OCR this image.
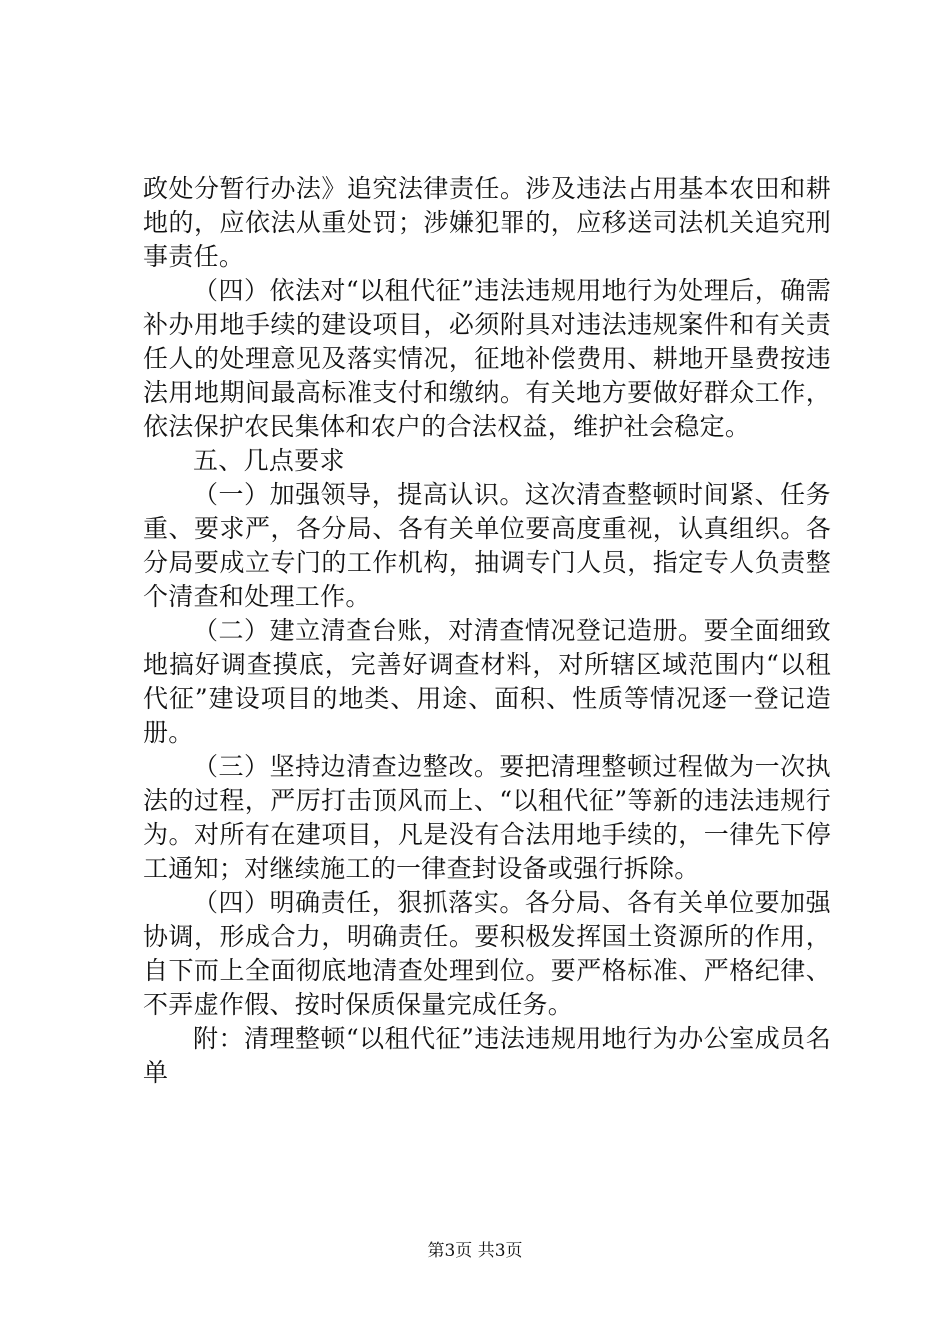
政处分暂行办法》追究法律责任。涉及违法占用基本农田和耕地的，应依法从重处罚；涉嫌犯罪的，应移送司法机关追究刑事责任。

（四）依法对“以租代征”违法违规用地行为处理后，确需补办用地手续的建设项目，必须附具对违法违规案件和有关责任人的处理意见及落实情况，征地补偿费用、耕地开垦费按违法用地期间最高标准支付和缴纳。有关地方要做好群众工作，依法保护农民集体和农户的合法权益，维护社会稳定。

五、几点要求

（一）加强领导，提高认识。这次清查整顿时间紧、任务重、要求严，各分局、各有关单位要高度重视，认真组织。各分局要成立专门的工作机构，抽调专门人员，指定专人负责整个清查和处理工作。

（二）建立清查台账，对清查情况登记造册。要全面细致地搞好调查摸底，完善好调查材料，对所辖区域范围内“以租代征”建设项目的地类、用途、面积、性质等情况逐一登记造册。

（三）坚持边清查边整改。要把清理整顿过程做为一次执法的过程，严厉打击顶风而上、“以租代征”等新的违法违规行为。对所有在建项目，凡是没有合法用地手续的，一律先下停工通知；对继续施工的一律查封设备或强行拆除。

（四）明确责任，狠抓落实。各分局、各有关单位要加强协调，形成合力，明确责任。要积极发挥国土资源所的作用，自下而上全面彻底地清查处理到位。要严格标准、严格纪律、不弄虚作假、按时保质保量完成任务。

附：清理整顿“以租代征”违法违规用地行为办公室成员名单

第3页 共3页
